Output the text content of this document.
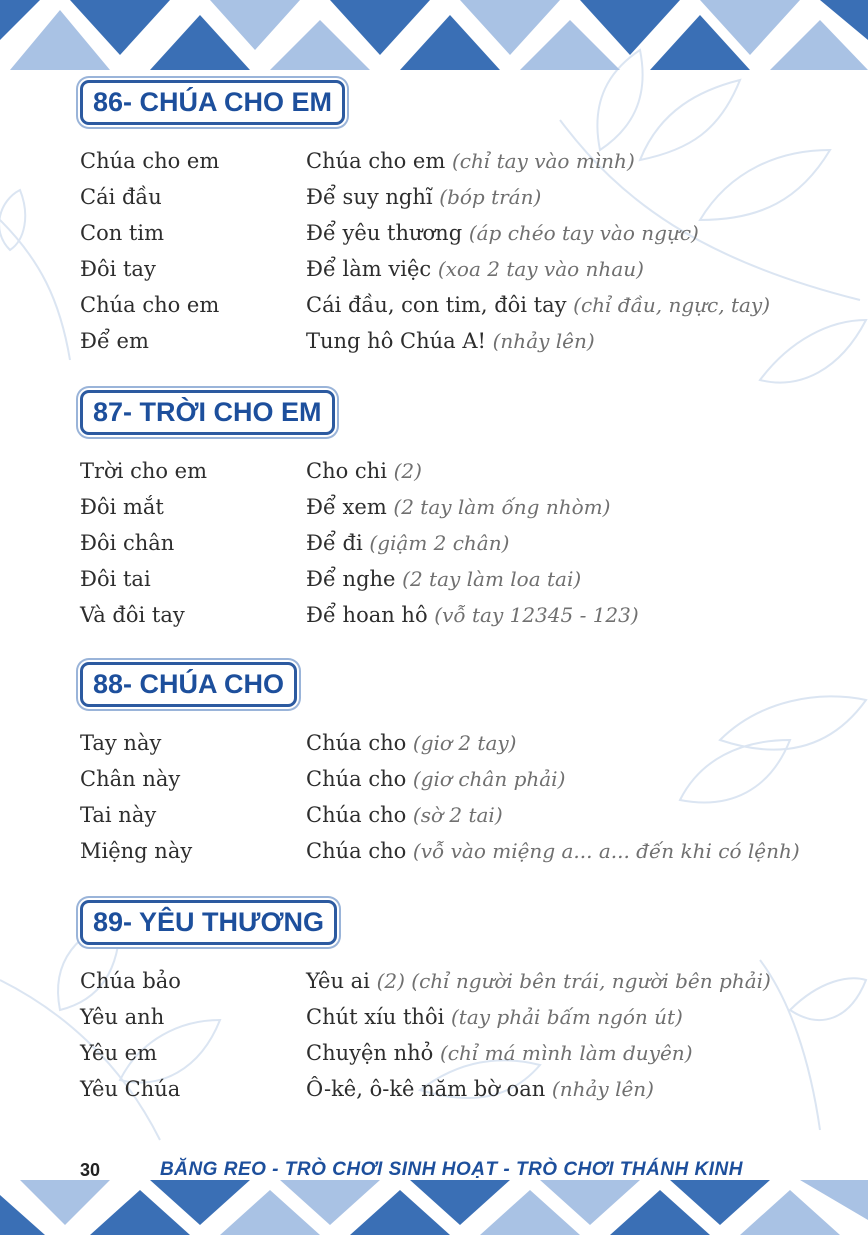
86- CHÚA CHO EM
Chúa cho em	Chúa cho em (chỉ tay vào mình)
Cái đầu	Để suy nghĩ (bóp trán)
Con tim	Để yêu thương (áp chéo tay vào ngực)
Đôi tay	Để làm việc (xoa 2 tay vào nhau)
Chúa cho em	Cái đầu, con tim, đôi tay (chỉ đầu, ngực, tay)
Để em	Tung hô Chúa A! (nhảy lên)
87- TRỜI CHO EM
Trời cho em	Cho chi (2)
Đôi mắt	Để xem (2 tay làm ống nhòm)
Đôi chân	Để đi (giậm 2 chân)
Đôi tai	Để nghe (2 tay làm loa tai)
Và đôi tay	Để hoan hô (vỗ tay 12345 - 123)
88- CHÚA CHO
Tay này	Chúa cho (giơ 2 tay)
Chân này	Chúa cho (giơ chân phải)
Tai này	Chúa cho (sờ 2 tai)
Miệng này	Chúa cho (vỗ vào miệng a... a... đến khi có lệnh)
89- YÊU THƯƠNG
Chúa bảo	Yêu ai (2) (chỉ người bên trái, người bên phải)
Yêu anh	Chút xíu thôi (tay phải bấm ngón út)
Yêu em	Chuyện nhỏ (chỉ má mình làm duyên)
Yêu Chúa	Ô-kê, ô-kê năm bờ oan (nhảy lên)
30	BĂNG REO - TRÒ CHƠI SINH HOẠT - TRÒ CHƠI THÁNH KINH
